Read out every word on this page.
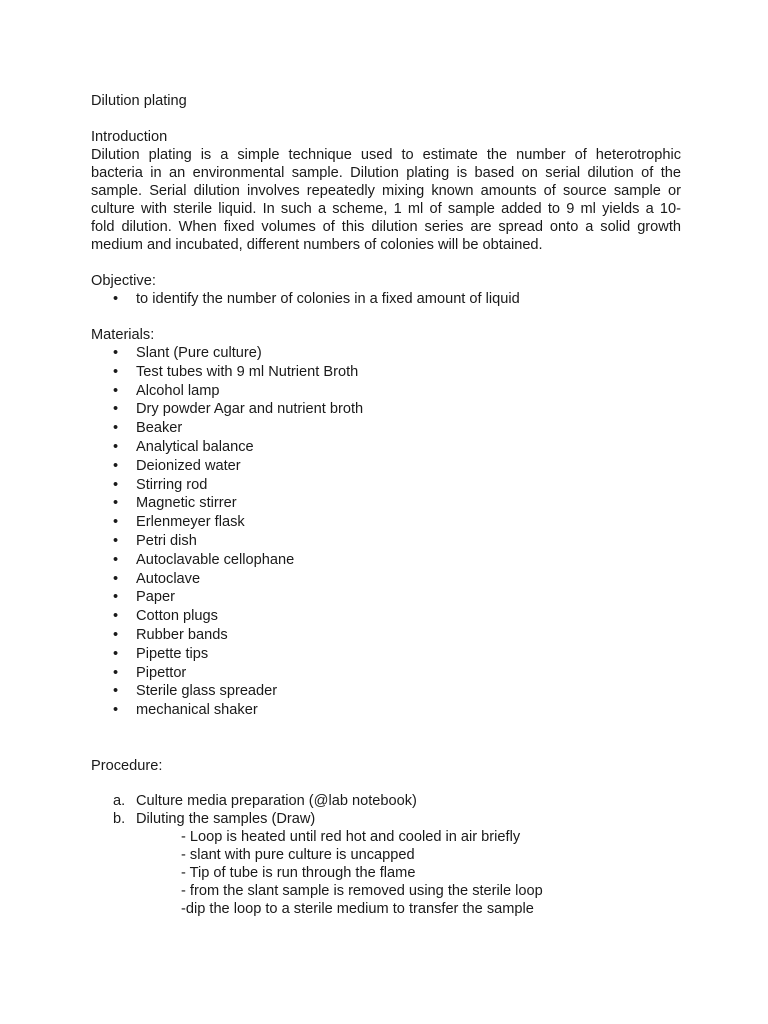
Dilution plating
Introduction
Dilution plating is a simple technique used to estimate the number of heterotrophic
bacteria in an environmental sample. Dilution plating is based on serial dilution of the
sample. Serial dilution involves repeatedly mixing known amounts of source sample or
culture with sterile liquid. In such a scheme, 1 ml of sample added to 9 ml yields a 10-
fold dilution. When fixed volumes of this dilution series are spread onto a solid growth
medium and incubated, different numbers of colonies will be obtained.
Objective:
• to identify the number of colonies in a fixed amount of liquid
Materials:
• Slant (Pure culture)
• Test tubes with 9 ml Nutrient Broth
• Alcohol lamp
• Dry powder Agar and nutrient broth
• Beaker
• Analytical balance
• Deionized water
• Stirring rod
• Magnetic stirrer
• Erlenmeyer flask
• Petri dish
• Autoclavable cellophane
• Autoclave
• Paper
• Cotton plugs
• Rubber bands
• Pipette tips
• Pipettor
• Sterile glass spreader
• mechanical shaker
Procedure:
a. Culture media preparation (@lab notebook)
b. Diluting the samples (Draw)
- Loop is heated until red hot and cooled in air briefly
- slant with pure culture is uncapped
- Tip of tube is run through the flame
- from the slant sample is removed using the sterile loop
-dip the loop to a sterile medium to transfer the sample
